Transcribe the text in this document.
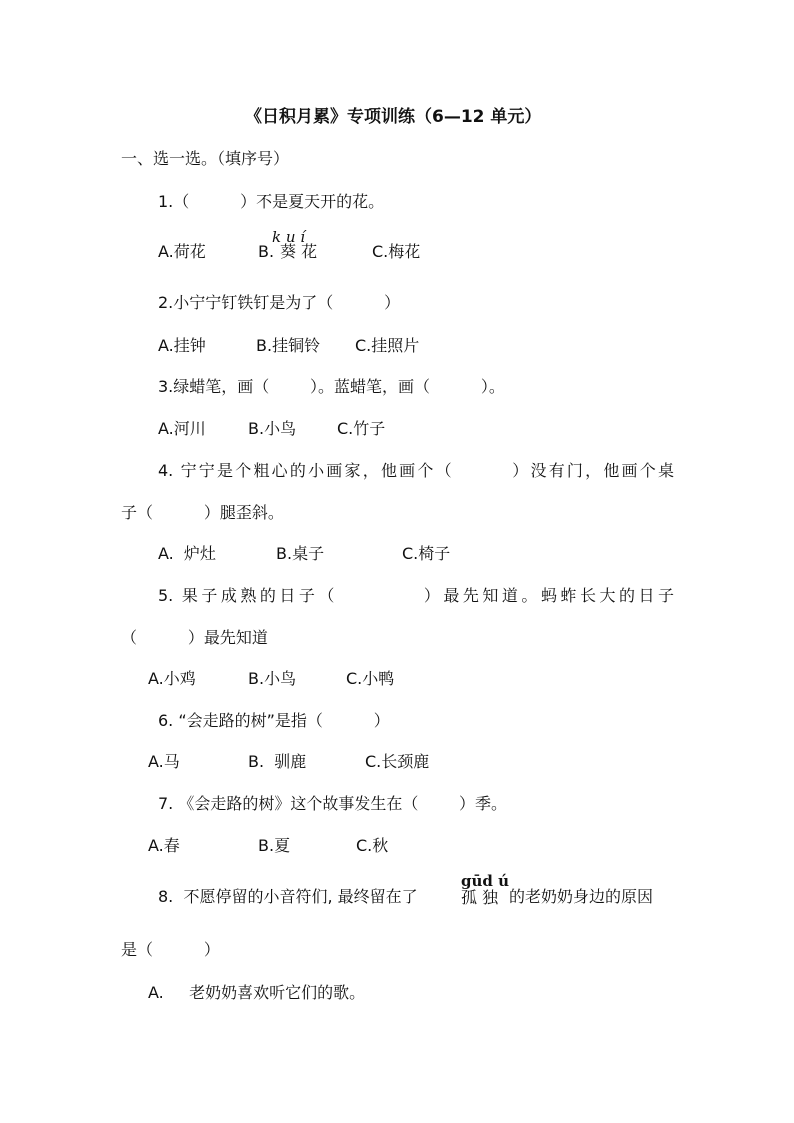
《日积月累》专项训练（6—12 单元）
一、选一选。（填序号）
1.（          ）不是夏天开的花。
A.荷花	B.
k u í
葵 花	C.梅花
2.小宁宁钉铁钉是为了（          ）
A.挂钟	B.挂铜铃 C.挂照片
3.绿蜡笔，画（        ）。蓝蜡笔，画（          ）。
A.河川	B.小鸟	C.竹子
4. 宁宁是个粗心的小画家，他画个（        ）没有门，他画个桌
子（          ）腿歪斜。
A.  炉灶	B.桌子	C.椅子
5. 果子成熟的日子（          ）最先知道。蚂蚱长大的日子
（          ）最先知道
A.小鸡	B.小鸟	C.小鸭
6. “会走路的树”是指（          ）
A.马	B.  驯鹿	C.长颈鹿
7. 《会走路的树》这个故事发生在（        ）季。
A.春	B.夏	C.秋
8.  不愿停留的小音符们, 最终留在了
gūd ú
孤 独 的老奶奶身边的原因
是（          ）
A.     老奶奶喜欢听它们的歌。
